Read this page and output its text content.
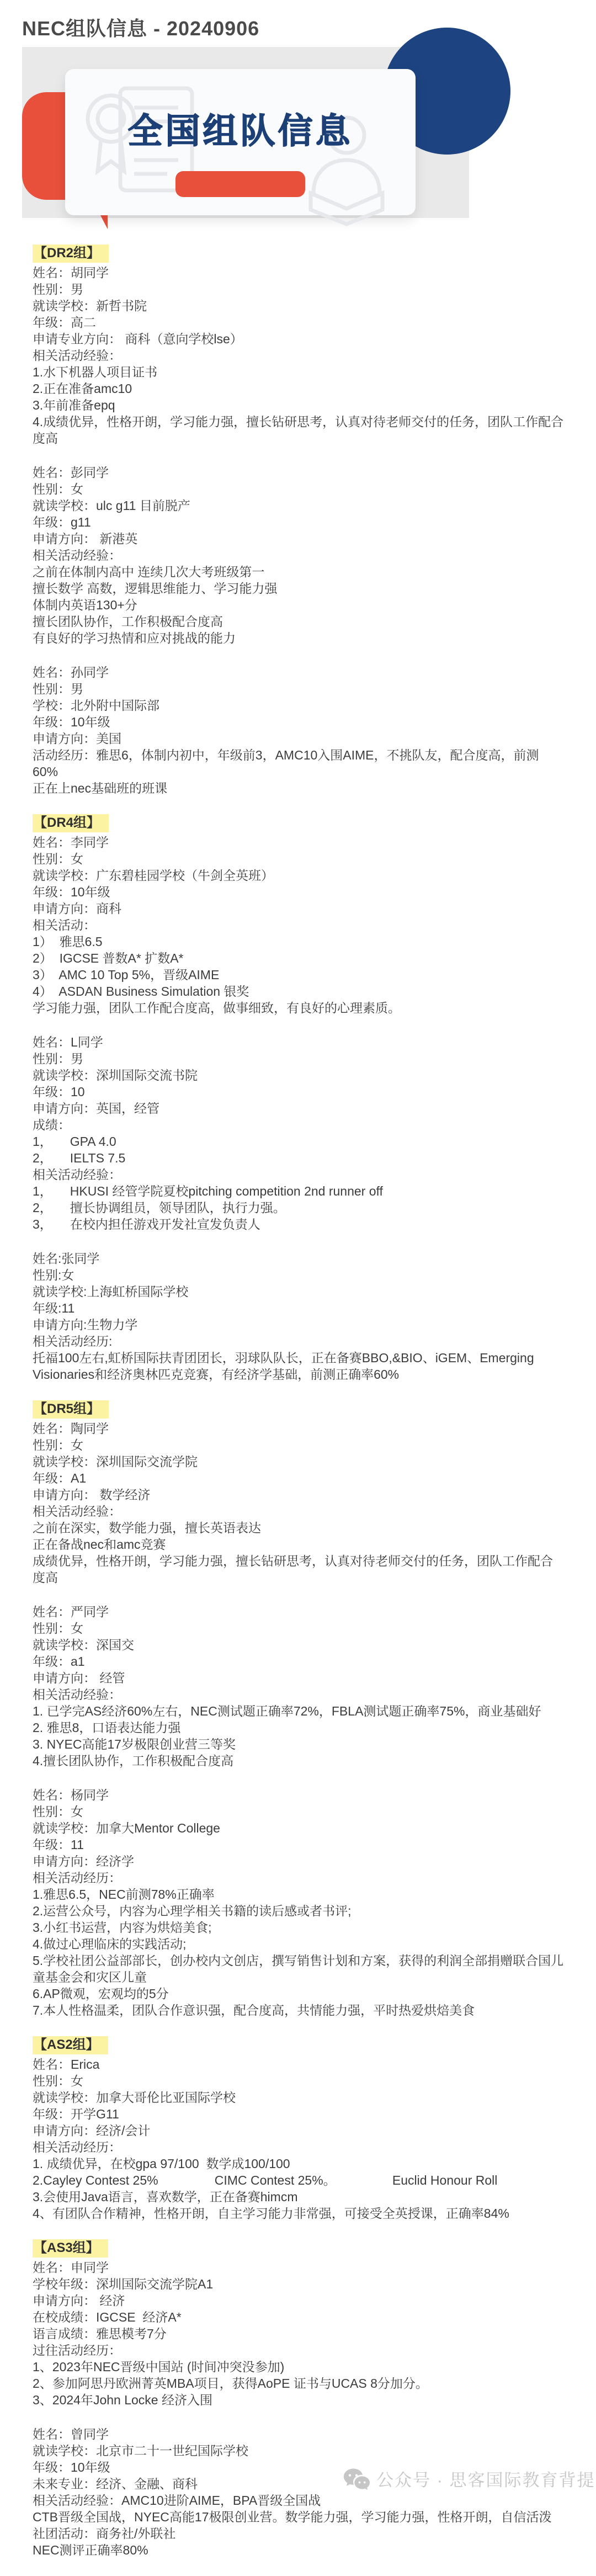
NEC组队信息 - 20240906
全国组队信息
【DR2组】
姓名：胡同学
性别：男
就读学校：新哲书院
年级：高二
申请专业方向： 商科（意向学校lse）
相关活动经验：
1.水下机器人项目证书
2.正在准备amc10
3.年前准备epq
4.成绩优异，性格开朗，学习能力强，擅长钻研思考，认真对待老师交付的任务，团队工作配合度高
姓名：彭同学
性别：女
就读学校：ulc g11 目前脱产
年级：g11
申请方向： 新港英
相关活动经验：
之前在体制内高中 连续几次大考班级第一
擅长数学 高数，逻辑思维能力、学习能力强
体制内英语130+分
擅长团队协作，工作积极配合度高
有良好的学习热情和应对挑战的能力
姓名：孙同学
性别：男
学校：北外附中国际部
年级：10年级
申请方向：美国
活动经历：雅思6，体制内初中，年级前3，AMC10入围AIME，不挑队友，配合度高，前测60%
正在上nec基础班的班课
【DR4组】
姓名：李同学
性别：女
就读学校：广东碧桂园学校（牛剑全英班）
年级：10年级
申请方向：商科
相关活动：
1）  雅思6.5
2）  IGCSE 普数A* 扩数A*
3）  AMC 10 Top 5%，晋级AIME
4）  ASDAN Business Simulation 银奖
学习能力强，团队工作配合度高，做事细致，有良好的心理素质。
姓名：L同学
性别：男
就读学校：深圳国际交流书院
年级：10
申请方向：英国，经管
成绩：
1，     GPA 4.0
2，     IELTS 7.5
相关活动经验：
1，     HKUSI 经管学院夏校pitching competition 2nd runner off
2，     擅长协调组员，领导团队，执行力强。
3，     在校内担任游戏开发社宣发负责人
姓名:张同学
性别:女
就读学校:上海虹桥国际学校
年级:11
申请方向:生物力学
相关活动经历:
托福100左右,虹桥国际扶青团团长，羽球队队长，正在备赛BBO,&BIO、iGEM、Emerging Visionaries和经济奥林匹克竞赛，有经济学基础，前测正确率60%
【DR5组】
姓名：陶同学
性别：女
就读学校：深圳国际交流学院
年级：A1
申请方向： 数学经济
相关活动经验：
之前在深实，数学能力强，擅长英语表达
正在备战nec和amc竞赛
成绩优异，性格开朗，学习能力强，擅长钻研思考，认真对待老师交付的任务，团队工作配合度高
姓名：严同学
性别：女
就读学校：深国交
年级：a1
申请方向： 经管
相关活动经验：
1. 已学完AS经济60%左右，NEC测试题正确率72%，FBLA测试题正确率75%，商业基础好
2. 雅思8，口语表达能力强
3. NYEC高能17岁极限创业营三等奖
4.擅长团队协作，工作积极配合度高
姓名：杨同学
性别：女
就读学校：加拿大Mentor College
年级：11
申请方向：经济学
相关活动经历：
1.雅思6.5，NEC前测78%正确率
2.运营公众号，内容为心理学相关书籍的读后感或者书评;
3.小红书运营，内容为烘焙美食;
4.做过心理临床的实践活动;
5.学校社团公益部部长，创办校内文创店，撰写销售计划和方案，获得的利润全部捐赠联合国儿童基金会和灾区儿童
6.AP微观，宏观均的5分
7.本人性格温柔，团队合作意识强，配合度高，共情能力强，平时热爱烘焙美食
【AS2组】
姓名：Erica
性别：女
就读学校：加拿大哥伦比亚国际学校
年级：开学G11
申请方向：经济/会计
相关活动经历：
1. 成绩优异，在校gpa 97/100  数学成100/100
2.Cayley Contest 25%                CIMC Contest 25%。                Euclid Honour Roll
3.会使用Java语言，喜欢数学，正在备赛himcm
4、有团队合作精神，性格开朗，自主学习能力非常强，可接受全英授课，正确率84%
【AS3组】
姓名：申同学
学校年级：深圳国际交流学院A1
申请方向： 经济
在校成绩：IGCSE  经济A*
语言成绩：雅思模考7分
过往活动经历：
1、2023年NEC晋级中国站 (时间冲突没参加)
2、参加阿思丹欧洲菁英MBA项目，获得AoPE 证书与UCAS 8分加分。
3、2024年John Locke 经济入围
姓名：曾同学
就读学校：北京市二十一世纪国际学校
年级：10年级
未来专业：经济、金融、商科
相关活动经验：AMC10进阶AIME，BPA晋级全国战
CTB晋级全国战，NYEC高能17极限创业营。数学能力强，学习能力强，性格开朗，自信活泼
社团活动：商务社/外联社
NEC测评正确率80%
公众号 · 思客国际教育背提
